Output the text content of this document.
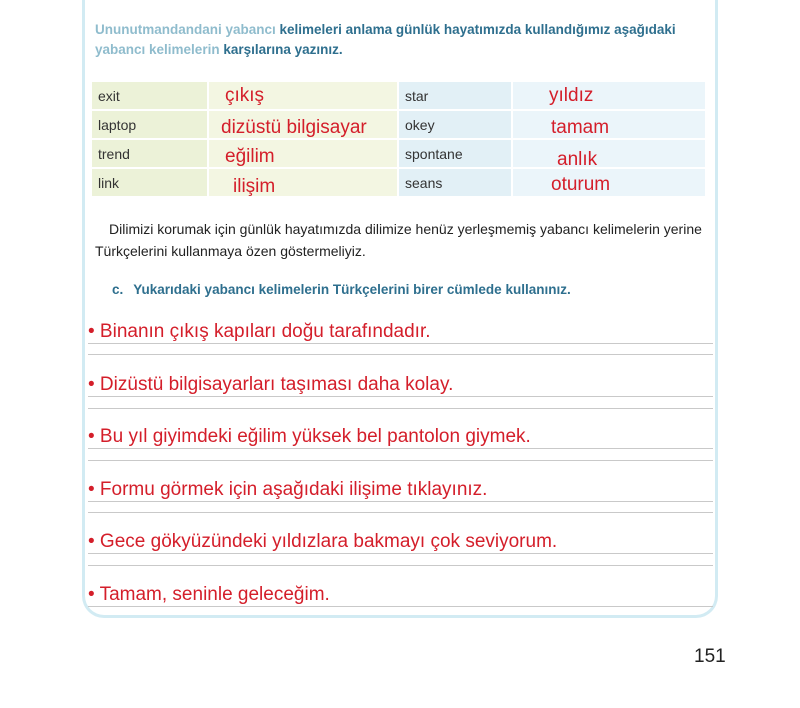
Ununutmandandani yabancı kelimeleri anlama günlük hayatımızda kullandığımız aşağıdaki
yabancı kelimelerin karşılarına yazınız.
exit	çıkış	star	yıldız
laptop	dizüstü bilgisayar	okey	tamam
trend	eğilim	spontane	anlık
link	ilişim	seans	oturum
Dilimizi korumak için günlük hayatımızda dilimize henüz yerleşmemiş yabancı kelimelerin yerine Türkçelerini kullanmaya özen göstermeliyiz.
c. Yukarıdaki yabancı kelimelerin Türkçelerini birer cümlede kullanınız.
• Binanın çıkış kapıları doğu tarafındadır.
• Dizüstü bilgisayarları taşıması daha kolay.
• Bu yıl giyimdeki eğilim yüksek bel pantolon giymek.
• Formu görmek için aşağıdaki ilişime tıklayınız.
• Gece gökyüzündeki yıldızlara bakmayı çok seviyorum.
• Tamam, seninle geleceğim.
151
